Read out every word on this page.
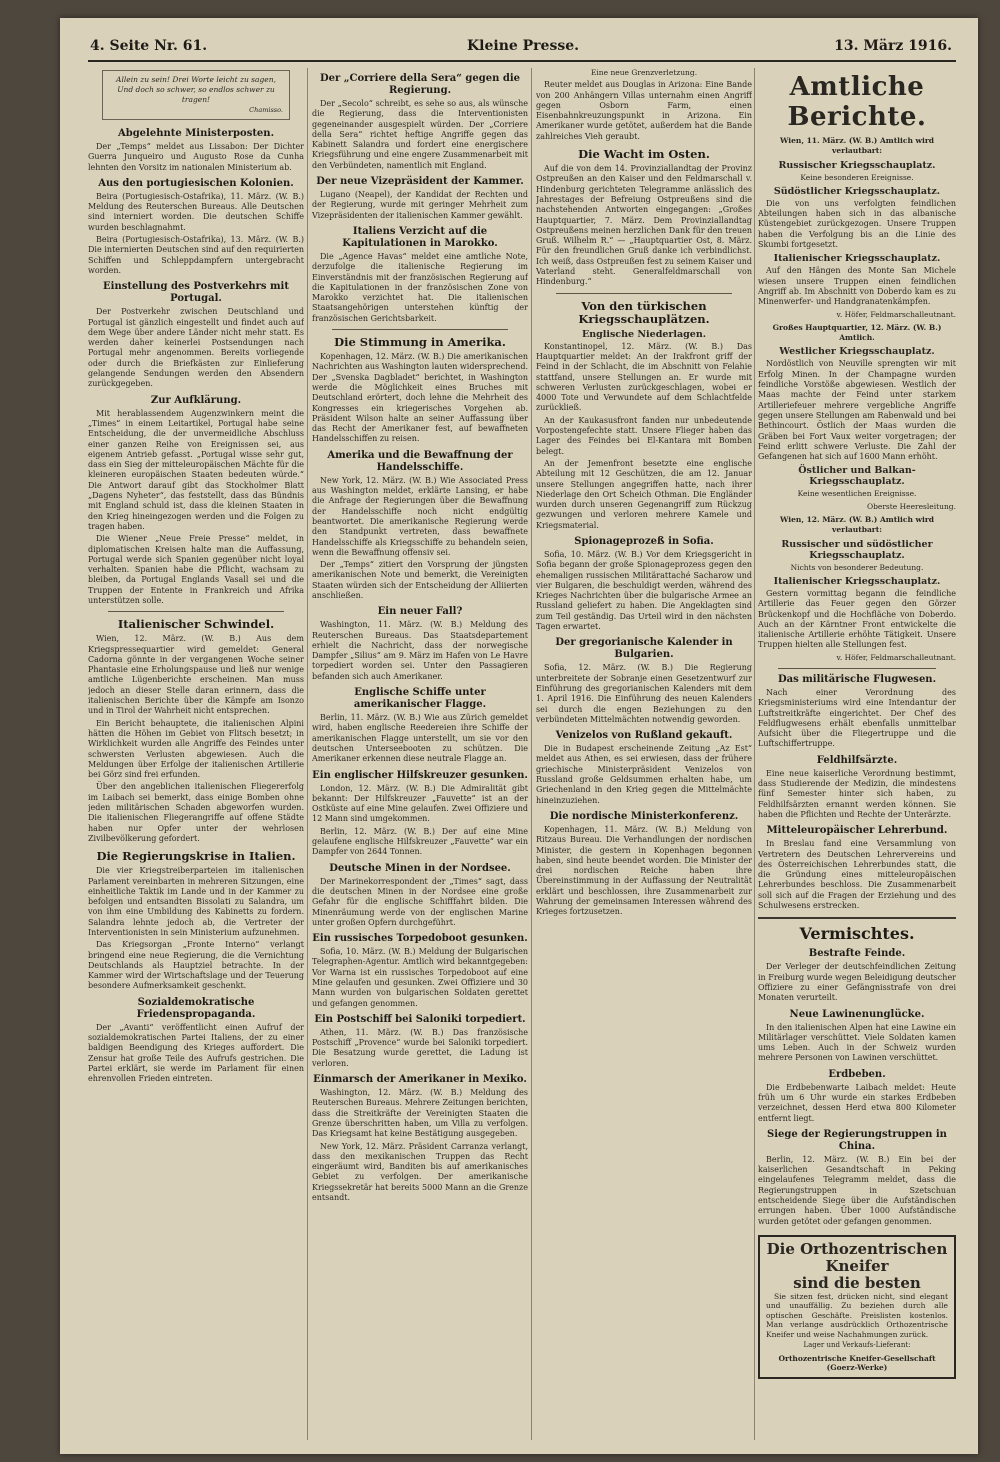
4. Seite Nr. 61.	Kleine Presse.	13. März 1916.
Allein zu sein! Drei Worte leicht zu sagen,
Und doch so schwer, so endlos schwer zu tragen!
Chamisso.
Abgelehnte Ministerposten.

Der „Temps“ meldet aus Lissabon: Der Dichter Guerra Junqueiro und Augusto Rose da Cunha lehnten den Vorsitz im nationalen Ministerium ab.

Aus den portugiesischen Kolonien.

Beira (Portugiesisch-Ostafrika), 11. März. (W. B.) Meldung des Reuterschen Bureaus. Alle Deutschen sind interniert worden. Die deutschen Schiffe wurden beschlagnahmt.

Beira (Portugiesisch-Ostafrika), 13. März. (W. B.) Die internierten Deutschen sind auf den requirierten Schiffen und Schleppdampfern untergebracht worden.

Einstellung des Postverkehrs mit Portugal.

Der Postverkehr zwischen Deutschland und Portugal ist gänzlich eingestellt und findet auch auf dem Wege über andere Länder nicht mehr statt. Es werden daher keinerlei Postsendungen nach Portugal mehr angenommen. Bereits vorliegende oder durch die Briefkästen zur Einlieferung gelangende Sendungen werden den Absendern zurückgegeben.

Zur Aufklärung.

Mit herablassendem Augenzwinkern meint die „Times“ in einem Leitartikel, Portugal habe seine Entscheidung, die der unvermeidliche Abschluss einer ganzen Reihe von Ereignissen sei, aus eigenem Antrieb gefasst. „Portugal wisse sehr gut, dass ein Sieg der mitteleuropäischen Mächte für die kleineren europäischen Staaten bedeuten würde.“ Die Antwort darauf gibt das Stockholmer Blatt „Dagens Nyheter“, das feststellt, dass das Bündnis mit England schuld ist, dass die kleinen Staaten in den Krieg hineingezogen werden und die Folgen zu tragen haben.

Die Wiener „Neue Freie Presse“ meldet, in diplomatischen Kreisen halte man die Auffassung, Portugal werde sich Spanien gegenüber nicht loyal verhalten. Spanien habe die Pflicht, wachsam zu bleiben, da Portugal Englands Vasall sei und die Truppen der Entente in Frankreich und Afrika unterstützen solle.

Italienischer Schwindel.

Wien, 12. März. (W. B.) Aus dem Kriegspressequartier wird gemeldet: General Cadorna gönnte in der vergangenen Woche seiner Phantasie eine Erholungspause und ließ nur wenige amtliche Lügenberichte erscheinen. Man muss jedoch an dieser Stelle daran erinnern, dass die italienischen Berichte über die Kämpfe am Isonzo und in Tirol der Wahrheit nicht entsprechen.

Ein Bericht behauptete, die italienischen Alpini hätten die Höhen im Gebiet von Flitsch besetzt; in Wirklichkeit wurden alle Angriffe des Feindes unter schwersten Verlusten abgewiesen. Auch die Meldungen über Erfolge der italienischen Artillerie bei Görz sind frei erfunden.

Über den angeblichen italienischen Fliegererfolg im Laibach sei bemerkt, dass einige Bomben ohne jeden militärischen Schaden abgeworfen wurden. Die italienischen Fliegerangriffe auf offene Städte haben nur Opfer unter der wehrlosen Zivilbevölkerung gefordert.

Die Regierungskrise in Italien.

Die vier Kriegstreiberparteien im italienischen Parlament vereinbarten in mehreren Sitzungen, eine einheitliche Taktik im Lande und in der Kammer zu befolgen und entsandten Bissolati zu Salandra, um von ihm eine Umbildung des Kabinetts zu fordern. Salandra lehnte jedoch ab, die Vertreter der Interventionisten in sein Ministerium aufzunehmen.

Das Kriegsorgan „Fronte Interno“ verlangt bringend eine neue Regierung, die die Vernichtung Deutschlands als Hauptziel betrachte. In der Kammer wird der Wirtschaftslage und der Teuerung besondere Aufmerksamkeit geschenkt.

Sozialdemokratische Friedenspropaganda.

Der „Avanti“ veröffentlicht einen Aufruf der sozialdemokratischen Partei Italiens, der zu einer baldigen Beendigung des Krieges auffordert. Die Zensur hat große Teile des Aufrufs gestrichen. Die Partei erklärt, sie werde im Parlament für einen ehrenvollen Frieden eintreten.

Der „Corriere della Sera“ gegen die Regierung.

Der „Secolo“ schreibt, es sehe so aus, als wünsche die Regierung, dass die Interventionisten gegeneinander ausgespielt würden. Der „Corriere della Sera“ richtet heftige Angriffe gegen das Kabinett Salandra und fordert eine energischere Kriegsführung und eine engere Zusammenarbeit mit den Verbündeten, namentlich mit England.

Der neue Vizepräsident der Kammer.

Lugano (Neapel), der Kandidat der Rechten und der Regierung, wurde mit geringer Mehrheit zum Vizepräsidenten der italienischen Kammer gewählt.

Italiens Verzicht auf die Kapitulationen in Marokko.

Die „Agence Havas“ meldet eine amtliche Note, derzufolge die italienische Regierung im Einverständnis mit der französischen Regierung auf die Kapitulationen in der französischen Zone von Marokko verzichtet hat. Die italienischen Staatsangehörigen unterstehen künftig der französischen Gerichtsbarkeit.

Die Stimmung in Amerika.

Kopenhagen, 12. März. (W. B.) Die amerikanischen Nachrichten aus Washington lauten widersprechend. Der „Svenska Dagbladet“ berichtet, in Washington werde die Möglichkeit eines Bruches mit Deutschland erörtert, doch lehne die Mehrheit des Kongresses ein kriegerisches Vorgehen ab. Präsident Wilson halte an seiner Auffassung über das Recht der Amerikaner fest, auf bewaffneten Handelsschiffen zu reisen.

Amerika und die Bewaffnung der Handelsschiffe.

New York, 12. März. (W. B.) Wie Associated Press aus Washington meldet, erklärte Lansing, er habe die Anfrage der Regierungen über die Bewaffnung der Handelsschiffe noch nicht endgültig beantwortet. Die amerikanische Regierung werde den Standpunkt vertreten, dass bewaffnete Handelsschiffe als Kriegsschiffe zu behandeln seien, wenn die Bewaffnung offensiv sei.

Der „Temps“ zitiert den Vorsprung der jüngsten amerikanischen Note und bemerkt, die Vereinigten Staaten würden sich der Entscheidung der Alliierten anschließen.

Ein neuer Fall?

Washington, 11. März. (W. B.) Meldung des Reuterschen Bureaus. Das Staatsdepartement erhielt die Nachricht, dass der norwegische Dampfer „Silius“ am 9. März im Hafen von Le Havre torpediert worden sei. Unter den Passagieren befanden sich auch Amerikaner.

Englische Schiffe unter amerikanischer Flagge.

Berlin, 11. März. (W. B.) Wie aus Zürich gemeldet wird, haben englische Reedereien ihre Schiffe der amerikanischen Flagge unterstellt, um sie vor den deutschen Unterseebooten zu schützen. Die Amerikaner erkennen diese neutrale Flagge an.

Ein englischer Hilfskreuzer gesunken.

London, 12. März. (W. B.) Die Admiralität gibt bekannt: Der Hilfskreuzer „Fauvette“ ist an der Ostküste auf eine Mine gelaufen. Zwei Offiziere und 12 Mann sind umgekommen.

Berlin, 12. März. (W. B.) Der auf eine Mine gelaufene englische Hilfskreuzer „Fauvette“ war ein Dampfer von 2644 Tonnen.

Deutsche Minen in der Nordsee.

Der Marinekorrespondent der „Times“ sagt, dass die deutschen Minen in der Nordsee eine große Gefahr für die englische Schifffahrt bilden. Die Minenräumung werde von der englischen Marine unter großen Opfern durchgeführt.

Ein russisches Torpedoboot gesunken.

Sofia, 10. März. (W. B.) Meldung der Bulgarischen Telegraphen-Agentur. Amtlich wird bekanntgegeben: Vor Warna ist ein russisches Torpedoboot auf eine Mine gelaufen und gesunken. Zwei Offiziere und 30 Mann wurden von bulgarischen Soldaten gerettet und gefangen genommen.

Ein Postschiff bei Saloniki torpediert.

Athen, 11. März. (W. B.) Das französische Postschiff „Provence“ wurde bei Saloniki torpediert. Die Besatzung wurde gerettet, die Ladung ist verloren.

Einmarsch der Amerikaner in Mexiko.

Washington, 12. März. (W. B.) Meldung des Reuterschen Bureaus. Mehrere Zeitungen berichten, dass die Streitkräfte der Vereinigten Staaten die Grenze überschritten haben, um Villa zu verfolgen. Das Kriegsamt hat keine Bestätigung ausgegeben.

New York, 12. März. Präsident Carranza verlangt, dass den mexikanischen Truppen das Recht eingeräumt wird, Banditen bis auf amerikanisches Gebiet zu verfolgen. Der amerikanische Kriegssekretär hat bereits 5000 Mann an die Grenze entsandt.

Eine neue Grenzverletzung.

Reuter meldet aus Douglas in Arizona: Eine Bande von 200 Anhängern Villas unternahm einen Angriff gegen Osborn Farm, einen Eisenbahnkreuzungspunkt in Arizona. Ein Amerikaner wurde getötet, außerdem hat die Bande zahlreiches Vieh geraubt.

Die Wacht im Osten.

Auf die von dem 14. Provinziallandtag der Provinz Ostpreußen an den Kaiser und den Feldmarschall v. Hindenburg gerichteten Telegramme anlässlich des Jahrestages der Befreiung Ostpreußens sind die nachstehenden Antworten eingegangen: „Großes Hauptquartier, 7. März. Dem Provinziallandtag Ostpreußens meinen herzlichen Dank für den treuen Gruß. Wilhelm R.“ — „Hauptquartier Ost, 8. März. Für den freundlichen Gruß danke ich verbindlichst. Ich weiß, dass Ostpreußen fest zu seinem Kaiser und Vaterland steht. Generalfeldmarschall von Hindenburg.“

Von den türkischen Kriegsschauplätzen.
Englische Niederlagen.

Konstantinopel, 12. März. (W. B.) Das Hauptquartier meldet: An der Irakfront griff der Feind in der Schlacht, die im Abschnitt von Felahie stattfand, unsere Stellungen an. Er wurde mit schweren Verlusten zurückgeschlagen, wobei er 4000 Tote und Verwundete auf dem Schlachtfelde zurückließ.

An der Kaukasusfront fanden nur unbedeutende Vorpostengefechte statt. Unsere Flieger haben das Lager des Feindes bei El-Kantara mit Bomben belegt.

An der Jemenfront besetzte eine englische Abteilung mit 12 Geschützen, die am 12. Januar unsere Stellungen angegriffen hatte, nach ihrer Niederlage den Ort Scheich Othman. Die Engländer wurden durch unseren Gegenangriff zum Rückzug gezwungen und verloren mehrere Kamele und Kriegsmaterial.

Spionageprozeß in Sofia.

Sofia, 10. März. (W. B.) Vor dem Kriegsgericht in Sofia begann der große Spionageprozess gegen den ehemaligen russischen Militärattaché Sacharow und vier Bulgaren, die beschuldigt werden, während des Krieges Nachrichten über die bulgarische Armee an Russland geliefert zu haben. Die Angeklagten sind zum Teil geständig. Das Urteil wird in den nächsten Tagen erwartet.

Der gregorianische Kalender in Bulgarien.

Sofia, 12. März. (W. B.) Die Regierung unterbreitete der Sobranje einen Gesetzentwurf zur Einführung des gregorianischen Kalenders mit dem 1. April 1916. Die Einführung des neuen Kalenders sei durch die engen Beziehungen zu den verbündeten Mittelmächten notwendig geworden.

Venizelos von Rußland gekauft.

Die in Budapest erscheinende Zeitung „Az Est“ meldet aus Athen, es sei erwiesen, dass der frühere griechische Ministerpräsident Venizelos von Russland große Geldsummen erhalten habe, um Griechenland in den Krieg gegen die Mittelmächte hineinzuziehen.

Die nordische Ministerkonferenz.

Kopenhagen, 11. März. (W. B.) Meldung von Ritzaus Bureau. Die Verhandlungen der nordischen Minister, die gestern in Kopenhagen begonnen haben, sind heute beendet worden. Die Minister der drei nordischen Reiche haben ihre Übereinstimmung in der Auffassung der Neutralität erklärt und beschlossen, ihre Zusammenarbeit zur Wahrung der gemeinsamen Interessen während des Krieges fortzusetzen.

Amtliche Berichte.
Wien, 11. März. (W. B.) Amtlich wird verlautbart:
Russischer Kriegsschauplatz.
Keine besonderen Ereignisse.
Südöstlicher Kriegsschauplatz.

Die von uns verfolgten feindlichen Abteilungen haben sich in das albanische Küstengebiet zurückgezogen. Unsere Truppen haben die Verfolgung bis an die Linie des Skumbi fortgesetzt.

Italienischer Kriegsschauplatz.

Auf den Hängen des Monte San Michele wiesen unsere Truppen einen feindlichen Angriff ab. Im Abschnitt von Doberdo kam es zu Minenwerfer- und Handgranatenkämpfen.

v. Höfer, Feldmarschalleutnant.
Großes Hauptquartier, 12. März. (W. B.) Amtlich.
Westlicher Kriegsschauplatz.

Nordöstlich von Neuville sprengten wir mit Erfolg Minen. In der Champagne wurden feindliche Vorstöße abgewiesen. Westlich der Maas machte der Feind unter starkem Artilleriefeuer mehrere vergebliche Angriffe gegen unsere Stellungen am Rabenwald und bei Bethincourt. Östlich der Maas wurden die Gräben bei Fort Vaux weiter vorgetragen; der Feind erlitt schwere Verluste. Die Zahl der Gefangenen hat sich auf 1600 Mann erhöht.

Östlicher und Balkan-Kriegsschauplatz.
Keine wesentlichen Ereignisse.
Oberste Heeresleitung.
Wien, 12. März. (W. B.) Amtlich wird verlautbart:
Russischer und südöstlicher Kriegsschauplatz.
Nichts von besonderer Bedeutung.
Italienischer Kriegsschauplatz.

Gestern vormittag begann die feindliche Artillerie das Feuer gegen den Görzer Brückenkopf und die Hochfläche von Doberdo. Auch an der Kärntner Front entwickelte die italienische Artillerie erhöhte Tätigkeit. Unsere Truppen hielten alle Stellungen fest.

v. Höfer, Feldmarschalleutnant.
Das militärische Flugwesen.

Nach einer Verordnung des Kriegsministeriums wird eine Intendantur der Luftstreitkräfte eingerichtet. Der Chef des Feldflugwesens erhält ebenfalls unmittelbar Aufsicht über die Fliegertruppe und die Luftschiffertruppe.

Feldhilfsärzte.

Eine neue kaiserliche Verordnung bestimmt, dass Studierende der Medizin, die mindestens fünf Semester hinter sich haben, zu Feldhilfsärzten ernannt werden können. Sie haben die Pflichten und Rechte der Unterärzte.

Mitteleuropäischer Lehrerbund.

In Breslau fand eine Versammlung von Vertretern des Deutschen Lehrervereins und des Österreichischen Lehrerbundes statt, die die Gründung eines mitteleuropäischen Lehrerbundes beschloss. Die Zusammenarbeit soll sich auf die Fragen der Erziehung und des Schulwesens erstrecken.

Vermischtes.
Bestrafte Feinde.

Der Verleger der deutschfeindlichen Zeitung in Freiburg wurde wegen Beleidigung deutscher Offiziere zu einer Gefängnisstrafe von drei Monaten verurteilt.

Neue Lawinenunglücke.

In den italienischen Alpen hat eine Lawine ein Militärlager verschüttet. Viele Soldaten kamen ums Leben. Auch in der Schweiz wurden mehrere Personen von Lawinen verschüttet.

Erdbeben.

Die Erdbebenwarte Laibach meldet: Heute früh um 6 Uhr wurde ein starkes Erdbeben verzeichnet, dessen Herd etwa 800 Kilometer entfernt liegt.

Siege der Regierungstruppen in China.

Berlin, 12. März. (W. B.) Ein bei der kaiserlichen Gesandtschaft in Peking eingelaufenes Telegramm meldet, dass die Regierungstruppen in Szetschuan entscheidende Siege über die Aufständischen errungen haben. Über 1000 Aufständische wurden getötet oder gefangen genommen.

Die Orthozentrischen Kneifer
sind die besten

Sie sitzen fest, drücken nicht, sind elegant und unauffällig. Zu beziehen durch alle optischen Geschäfte. Preislisten kostenlos. Man verlange ausdrücklich Orthozentrische Kneifer und weise Nachahmungen zurück.

Lager und Verkaufs-Lieferant:
Orthozentrische Kneifer-Gesellschaft (Goerz-Werke)
